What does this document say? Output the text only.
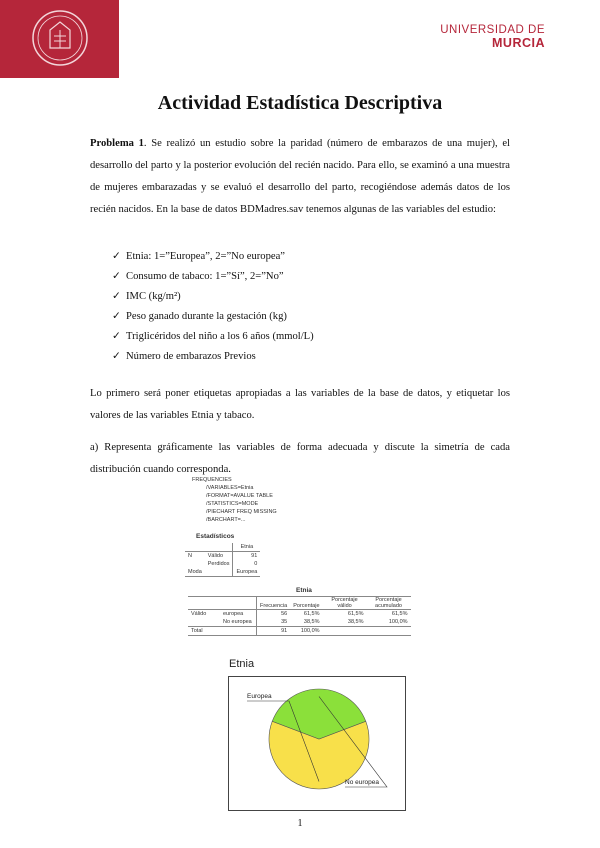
UNIVERSIDAD DE
MURCIA
Actividad Estadística Descriptiva

Problema 1. Se realizó un estudio sobre la paridad (número de embarazos de una mujer), el desarrollo del parto y la posterior evolución del recién nacido. Para ello, se examinó a una muestra de mujeres embarazadas y se evaluó el desarrollo del parto, recogiéndose además datos de los recién nacidos. En la base de datos BDMadres.sav tenemos algunas de las variables del estudio:

✓ Etnia: 1=”Europea”, 2=”No europea”
✓ Consumo de tabaco: 1=”Sí”, 2=”No”
✓ IMC (kg/m²)
✓ Peso ganado durante la gestación (kg)
✓ Triglicéridos del niño a los 6 años (mmol/L)
✓ Número de embarazos Previos

Lo primero será poner etiquetas apropiadas a las variables de la base de datos, y etiquetar los valores de las variables Etnia y tabaco.

a) Representa gráficamente las variables de forma adecuada y discute la simetría de cada distribución cuando corresponda.

FREQUENCIES
/VARIABLES=Etnia
/FORMAT=AVALUE TABLE
/STATISTICS=MODE
/PIECHART FREQ MISSING
/BARCHART=...
Estadísticos
		Etnia
N	Válido	91
	Perdidos	0
Moda		Europea
Etnia
		Frecuencia	Porcentaje	Porcentaje válido	Porcentaje acumulado
Válido	europea	56	61,5%	61,5%	61,5%
	No europea	35	38,5%	38,5%	100,0%
Total		91	100,0%		
Etnia
Europea
No europea
1
